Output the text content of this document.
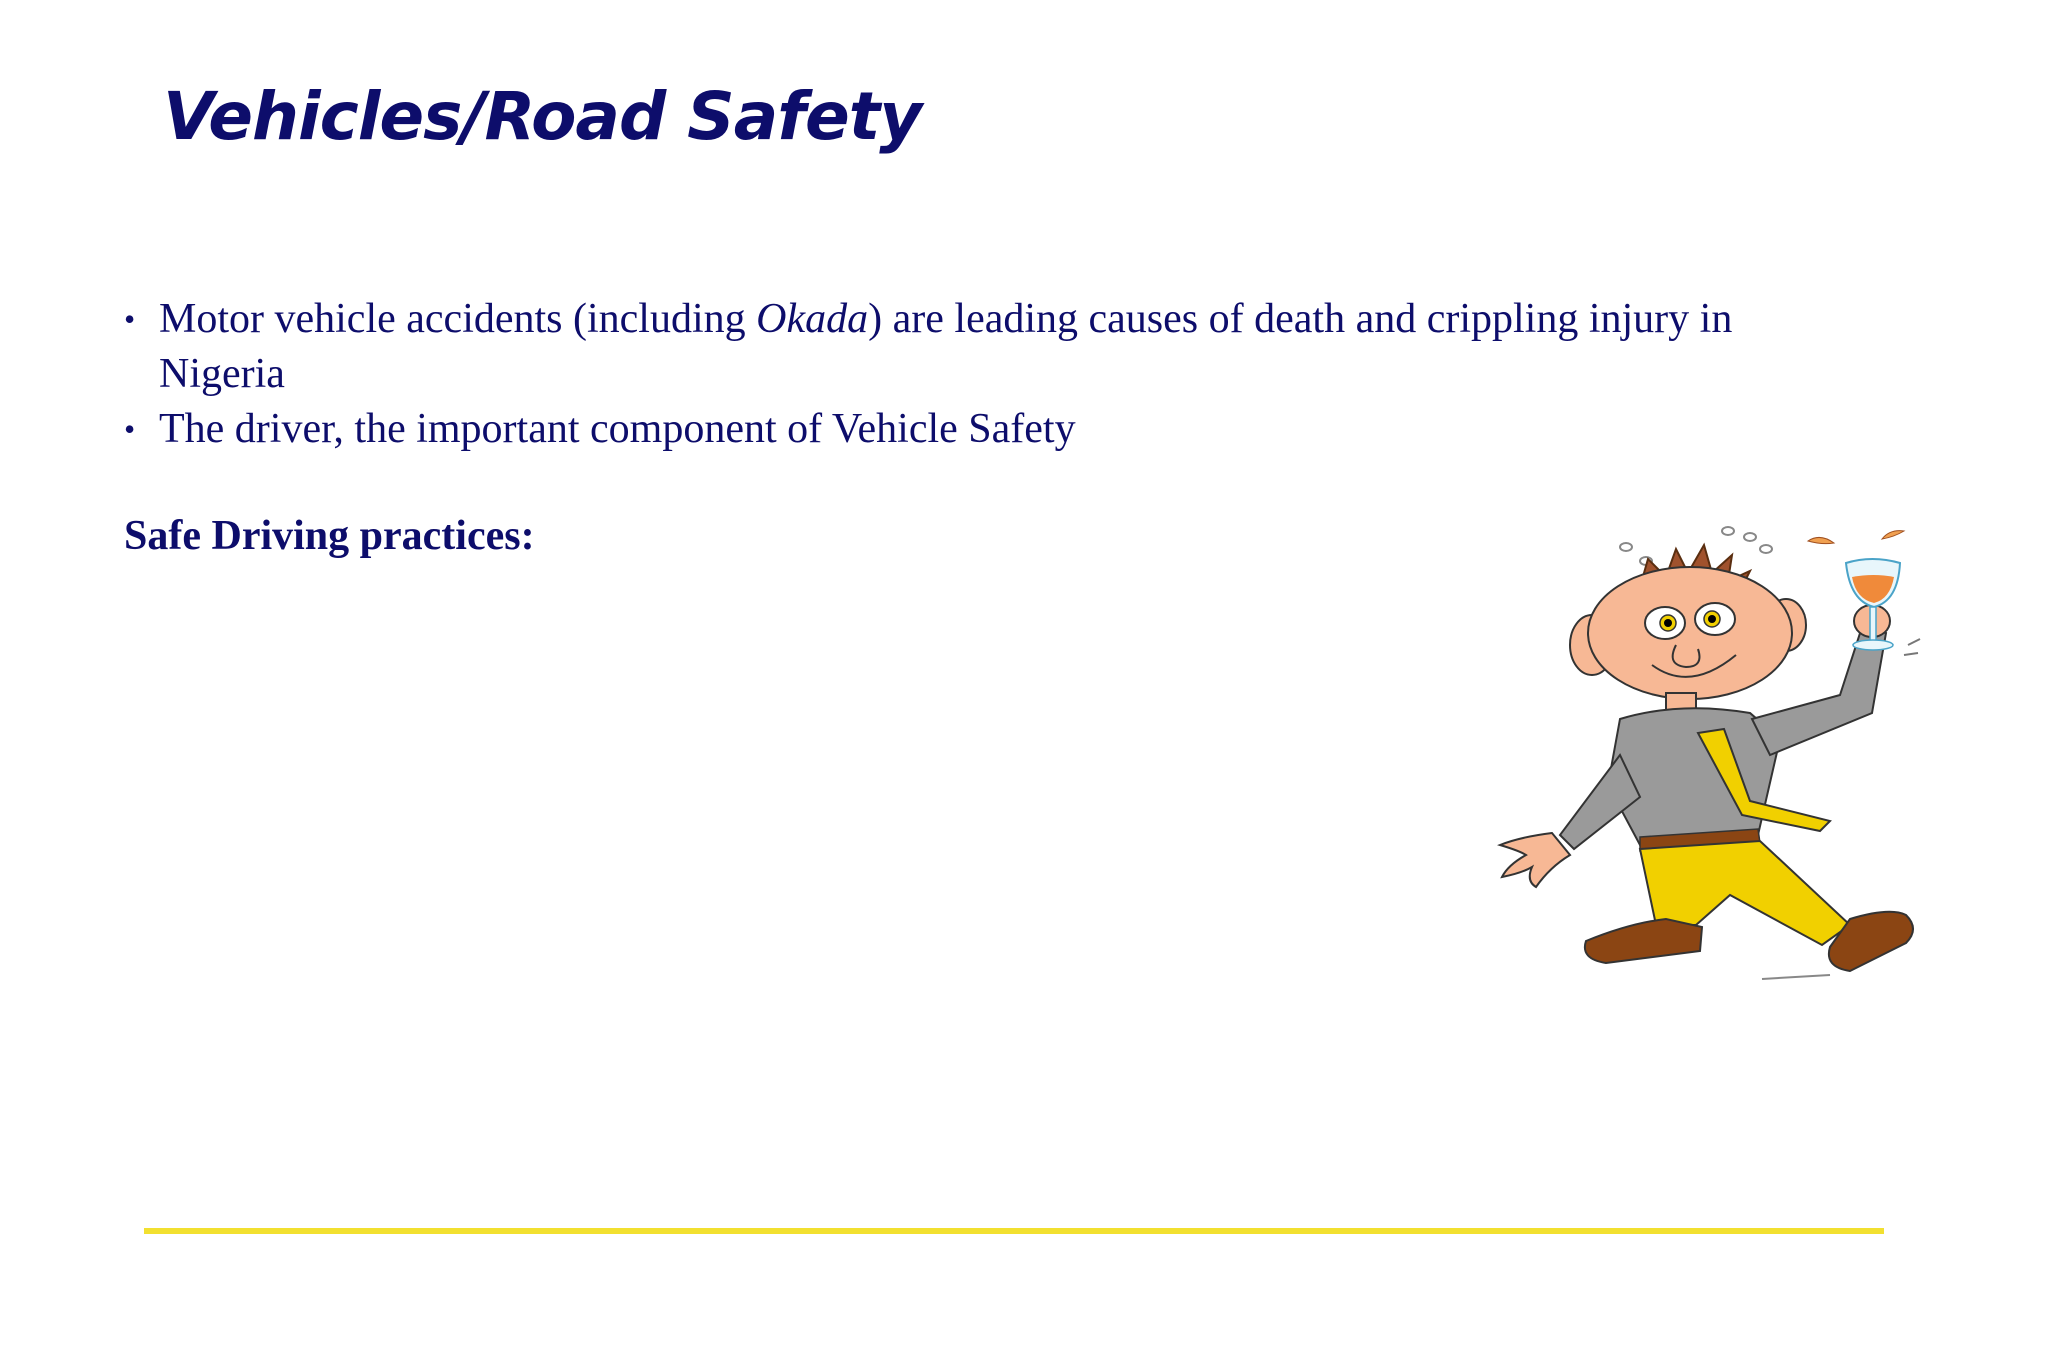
Vehicles/Road Safety
• Motor vehicle accidents (including Okada) are leading causes of death and crippling injury in Nigeria
• The driver, the important component of Vehicle Safety
Safe Driving practices:
